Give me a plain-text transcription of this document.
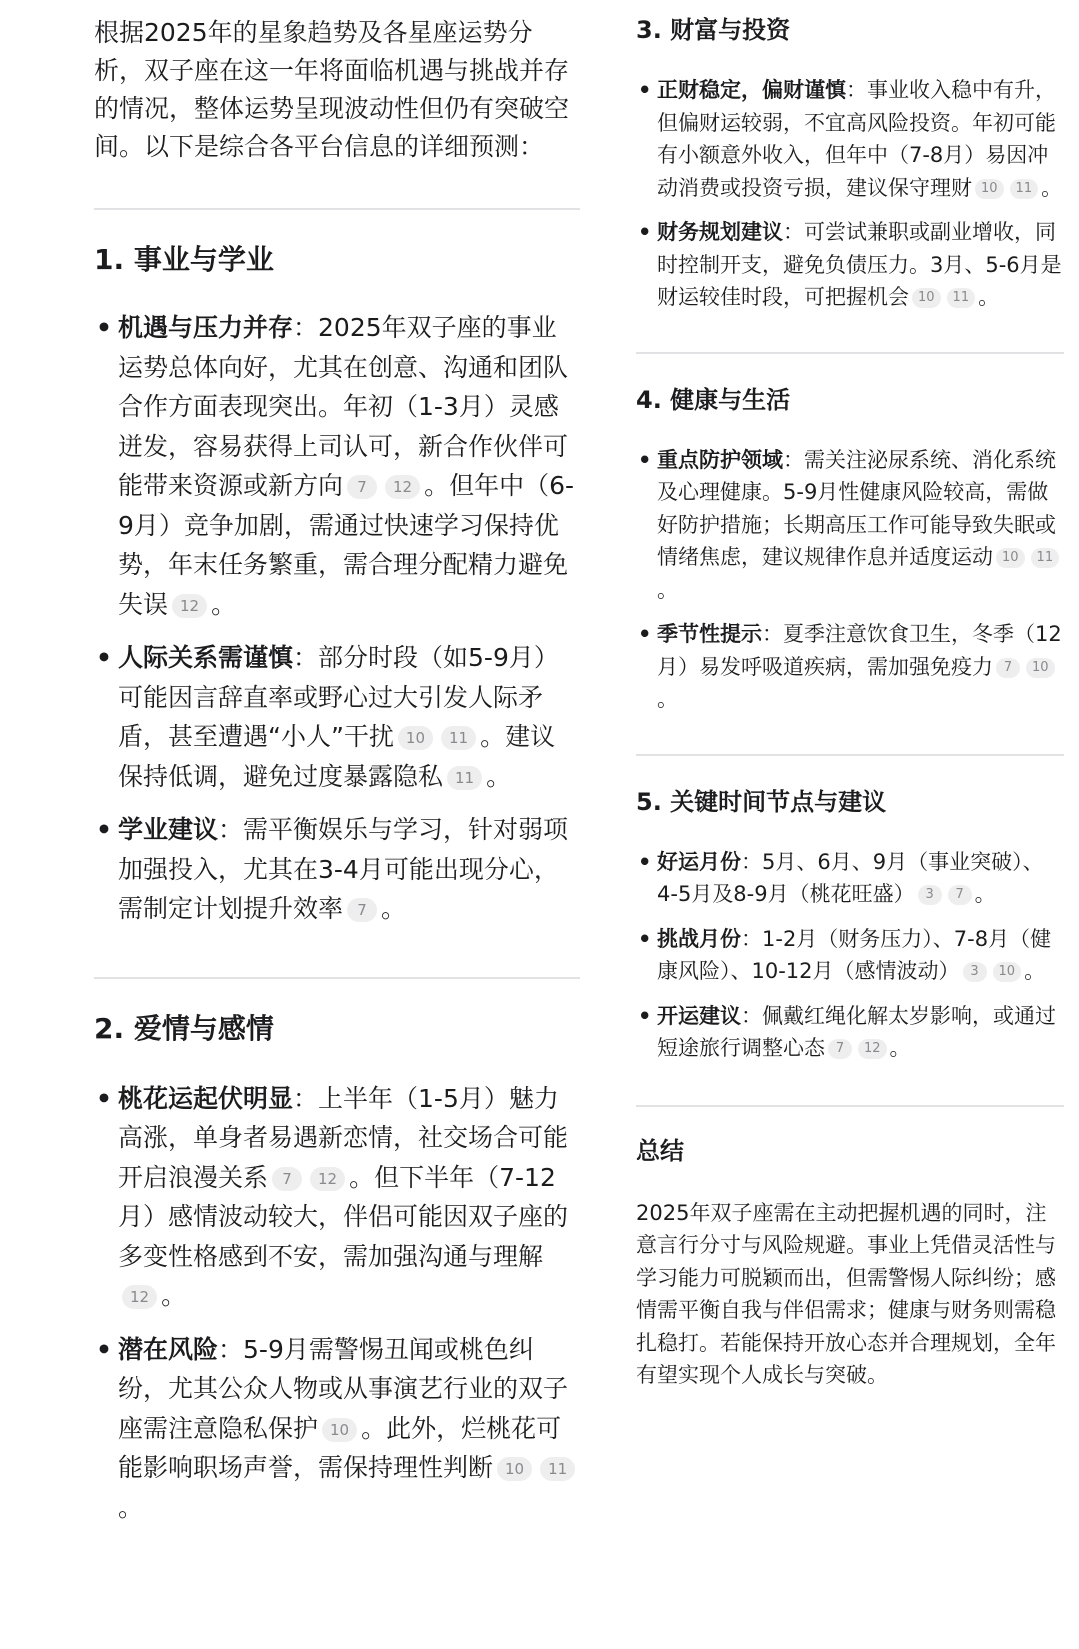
根据2025年的星象趋势及各星座运势分析，双子座在这一年将面临机遇与挑战并存的情况，整体运势呈现波动性但仍有突破空间。以下是综合各平台信息的详细预测：

1. 事业与学业
• 机遇与压力并存：2025年双子座的事业运势总体向好，尤其在创意、沟通和团队合作方面表现突出。年初（1-3月）灵感迸发，容易获得上司认可，新合作伙伴可能带来资源或新方向 7 12 。但年中（6-9月）竞争加剧，需通过快速学习保持优势，年末任务繁重，需合理分配精力避免失误 12 。
• 人际关系需谨慎：部分时段（如5-9月）可能因言辞直率或野心过大引发人际矛盾，甚至遭遇“小人”干扰 10 11 。建议保持低调，避免过度暴露隐私 11 。
• 学业建议：需平衡娱乐与学习，针对弱项加强投入，尤其在3-4月可能出现分心，需制定计划提升效率 7 。
2. 爱情与感情
• 桃花运起伏明显：上半年（1-5月）魅力高涨，单身者易遇新恋情，社交场合可能开启浪漫关系 7 12 。但下半年（7-12月）感情波动较大，伴侣可能因双子座的多变性格感到不安，需加强沟通与理解12 。
• 潜在风险：5-9月需警惕丑闻或桃色纠纷，尤其公众人物或从事演艺行业的双子座需注意隐私保护 10 。此外，烂桃花可能影响职场声誉，需保持理性判断 10 11。
3. 财富与投资
• 正财稳定，偏财谨慎：事业收入稳中有升，但偏财运较弱，不宜高风险投资。年初可能有小额意外收入，但年中（7-8月）易因冲动消费或投资亏损，建议保守理财 10 11 。
• 财务规划建议：可尝试兼职或副业增收，同时控制开支，避免负债压力。3月、5-6月是财运较佳时段，可把握机会 10 11 。
4. 健康与生活
• 重点防护领域：需关注泌尿系统、消化系统及心理健康。5-9月性健康风险较高，需做好防护措施；长期高压工作可能导致失眠或情绪焦虑，建议规律作息并适度运动 10 11。
• 季节性提示：夏季注意饮食卫生，冬季（12月）易发呼吸道疾病，需加强免疫力 7 10。
5. 关键时间节点与建议
• 好运月份：5月、6月、9月（事业突破）、4-5月及8-9月（桃花旺盛） 3 7 。
• 挑战月份：1-2月（财务压力）、7-8月（健康风险）、10-12月（感情波动） 3 10 。
• 开运建议：佩戴红绳化解太岁影响，或通过短途旅行调整心态 7 12 。
总结

2025年双子座需在主动把握机遇的同时，注意言行分寸与风险规避。事业上凭借灵活性与学习能力可脱颖而出，但需警惕人际纠纷；感情需平衡自我与伴侣需求；健康与财务则需稳扎稳打。若能保持开放心态并合理规划，全年有望实现个人成长与突破。
